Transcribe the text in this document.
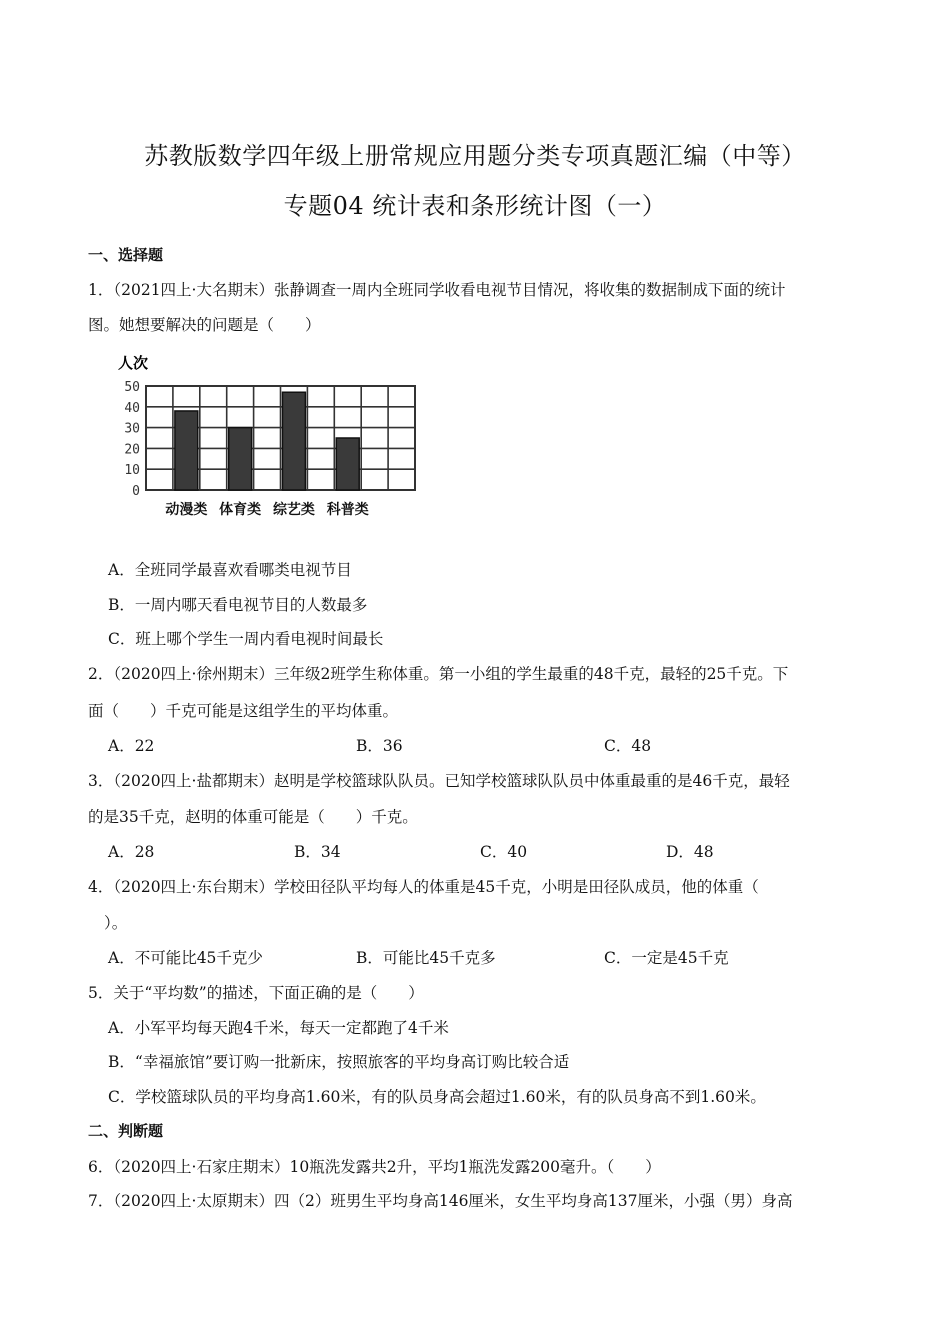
苏教版数学四年级上册常规应用题分类专项真题汇编（中等）
专题04 统计表和条形统计图（一）
一、选择题
1．（2021四上·大名期末）张静调查一周内全班同学收看电视节目情况，将收集的数据制成下面的统计
图。她想要解决的问题是（　　）
人次
0
10
20
30
40
50
动漫类 体育类 综艺类 科普类
A．全班同学最喜欢看哪类电视节目
B．一周内哪天看电视节目的人数最多
C．班上哪个学生一周内看电视时间最长
2．（2020四上·徐州期末）三年级2班学生称体重。第一小组的学生最重的48千克，最轻的25千克。下
面（　　）千克可能是这组学生的平均体重。
A．22	B．36	C．48
3．（2020四上·盐都期末）赵明是学校篮球队队员。已知学校篮球队队员中体重最重的是46千克，最轻
的是35千克，赵明的体重可能是（　　）千克。
A．28	B．34	C．40	D．48
4．（2020四上·东台期末）学校田径队平均每人的体重是45千克，小明是田径队成员，他的体重（
）。
A．不可能比45千克少	B．可能比45千克多	C．一定是45千克
5．关于“平均数”的描述，下面正确的是（　　）
A．小军平均每天跑4千米，每天一定都跑了4千米
B．“幸福旅馆”要订购一批新床，按照旅客的平均身高订购比较合适
C．学校篮球队员的平均身高1.60米，有的队员身高会超过1.60米，有的队员身高不到1.60米。
二、判断题
6．（2020四上·石家庄期末）10瓶洗发露共2升，平均1瓶洗发露200毫升。（　　）
7．（2020四上·太原期末）四（2）班男生平均身高146厘米，女生平均身高137厘米，小强（男）身高
